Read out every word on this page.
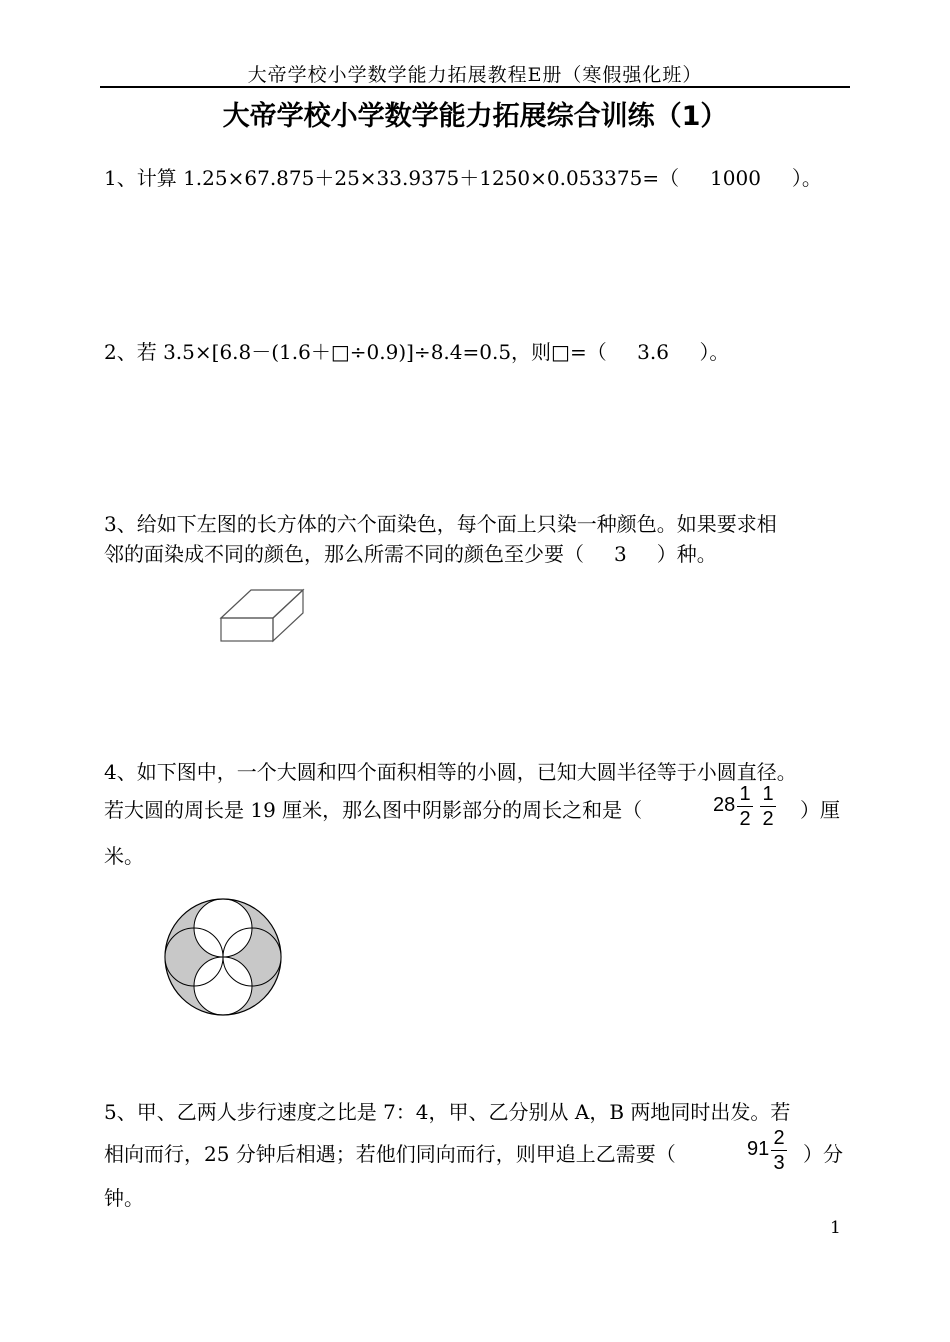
大帝学校小学数学能力拓展教程E册（寒假强化班）
大帝学校小学数学能力拓展综合训练（1）
1、计算 1.25×67.875＋25×33.9375＋1250×0.053375=（ 1000 ）。
2、若 3.5×[6.8－(1.6＋□÷0.9)]÷8.4=0.5，则□=（ 3.6 ）。
3、给如下左图的长方体的六个面染色，每个面上只染一种颜色。如果要求相
邻的面染成不同的颜色，那么所需不同的颜色至少要（ 3 ）种。
4、如下图中，一个大圆和四个面积相等的小圆，已知大圆半径等于小圆直径。
若大圆的周长是 19 厘米，那么图中阴影部分的周长之和是（	28 1
2
1
2 ）厘
米。
5、甲、乙两人步行速度之比是 7：4，甲、乙分别从 A，B 两地同时出发。若
相向而行，25 分钟后相遇；若他们同向而行，则甲追上乙需要（	91 2
3 ）分
钟。
1
